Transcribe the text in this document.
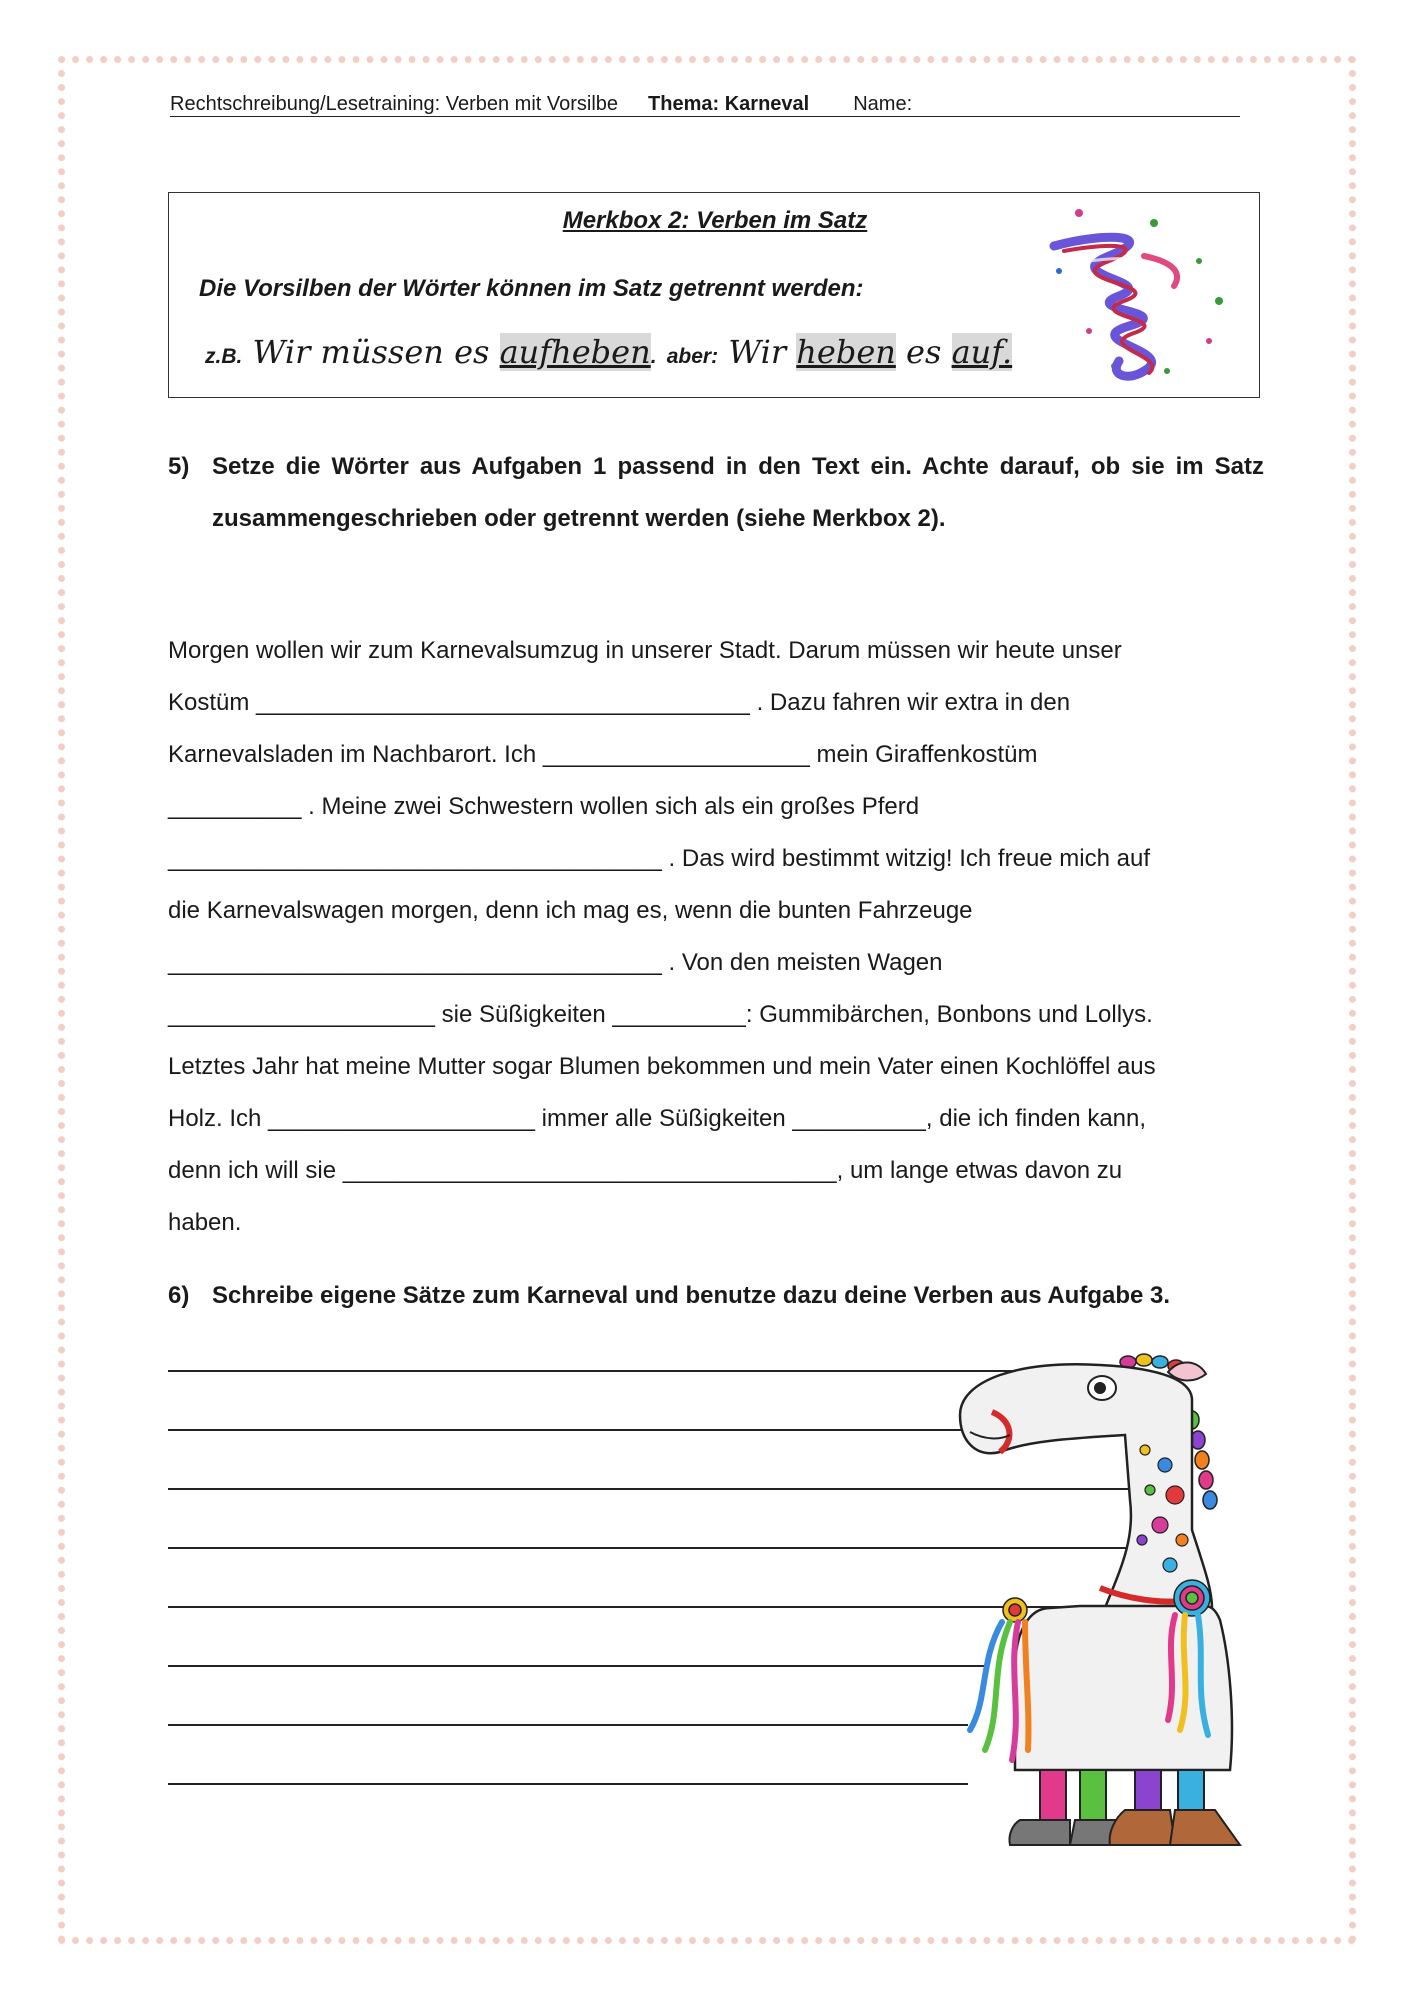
Rechtschreibung/Lesetraining: Verben mit Vorsilbe Thema: Karneval Name:
Merkbox 2: Verben im Satz
Die Vorsilben der Wörter können im Satz getrennt werden:
z.B. Wir müssen es aufheben. aber: Wir heben es auf.
5) Setze die Wörter aus Aufgaben 1 passend in den Text ein. Achte darauf, ob sie im Satz zusammengeschrieben oder getrennt werden (siehe Merkbox 2).
Morgen wollen wir zum Karnevalsumzug in unserer Stadt. Darum müssen wir heute unser
Kostüm _____________________________________ . Dazu fahren wir extra in den
Karnevalsladen im Nachbarort. Ich ____________________ mein Giraffenkostüm
__________ . Meine zwei Schwestern wollen sich als ein großes Pferd
_____________________________________ . Das wird bestimmt witzig! Ich freue mich auf
die Karnevalswagen morgen, denn ich mag es, wenn die bunten Fahrzeuge
_____________________________________ . Von den meisten Wagen
____________________ sie Süßigkeiten __________: Gummibärchen, Bonbons und Lollys.
Letztes Jahr hat meine Mutter sogar Blumen bekommen und mein Vater einen Kochlöffel aus
Holz. Ich ____________________ immer alle Süßigkeiten __________, die ich finden kann,
denn ich will sie _____________________________________, um lange etwas davon zu
haben.
6) Schreibe eigene Sätze zum Karneval und benutze dazu deine Verben aus Aufgabe 3.
